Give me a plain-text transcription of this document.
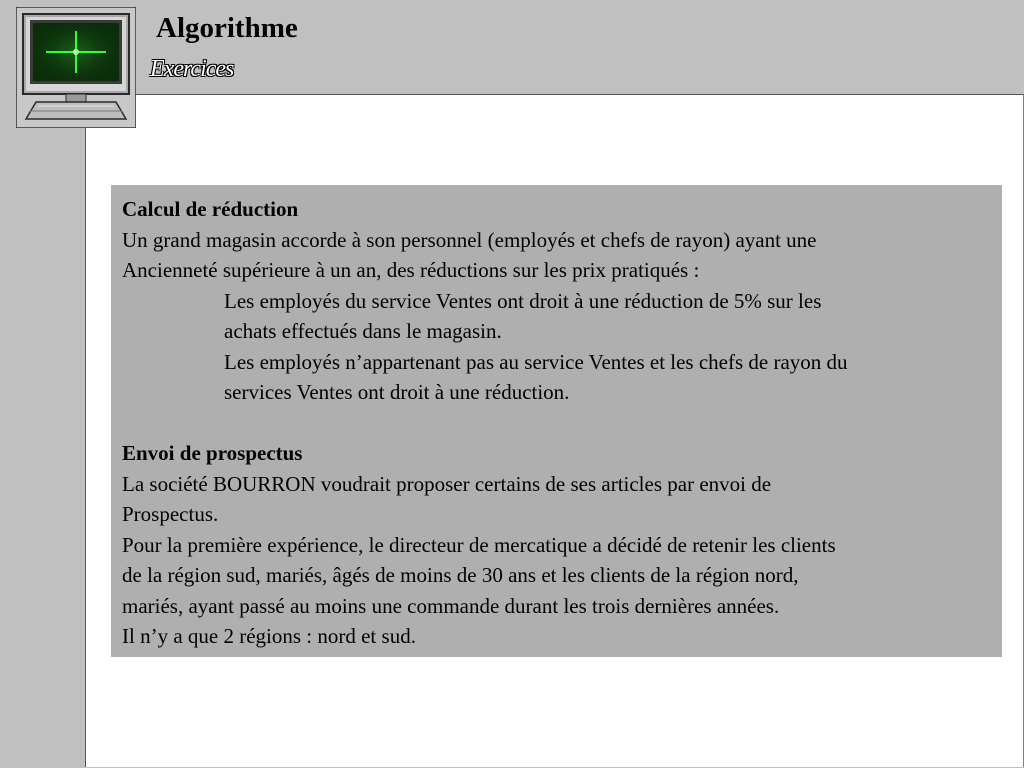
Algorithme
Exercices
Calcul de réduction
Un grand magasin accorde à son personnel (employés et chefs de rayon) ayant une
Ancienneté supérieure à un an, des réductions sur les prix pratiqués :
Les employés du service Ventes ont droit à une réduction de 5% sur les
achats effectués dans le magasin.
Les employés n’appartenant pas au service Ventes et les chefs de rayon du
services Ventes ont droit à une réduction.
Envoi de prospectus
La société BOURRON voudrait proposer certains de ses articles par envoi de
Prospectus.
Pour la première expérience, le directeur de mercatique a décidé de retenir les clients
de la région sud, mariés, âgés de moins de 30 ans et les clients de la région nord,
mariés, ayant passé au moins une commande durant les trois dernières années.
Il n’y a que 2 régions : nord et sud.
